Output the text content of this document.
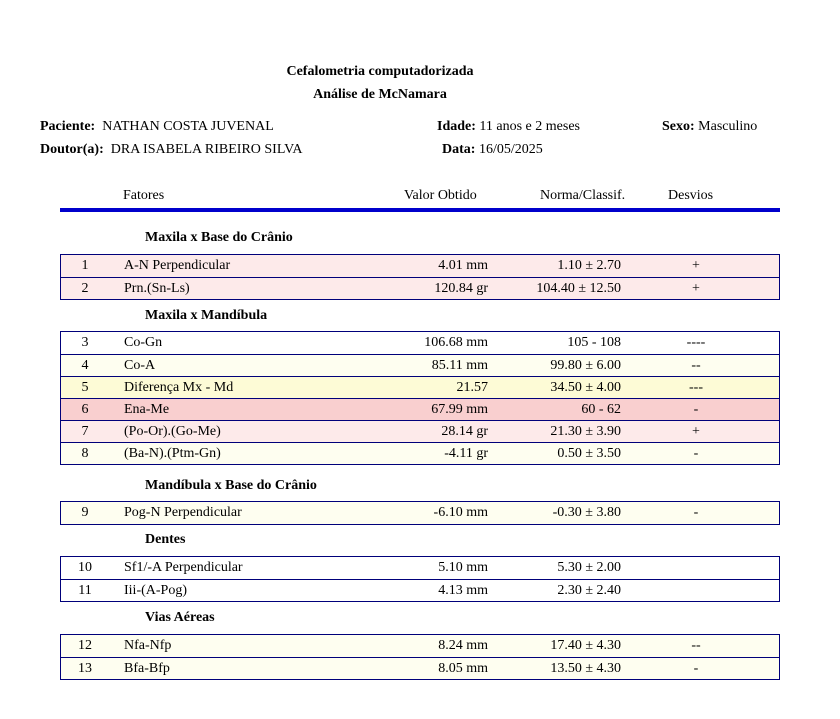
Cefalometria computadorizada
Análise de McNamara
Paciente: NATHAN COSTA JUVENAL	Idade: 11 anos e 2 meses	Sexo: Masculino
Doutor(a): DRA ISABELA RIBEIRO SILVA	Data: 16/05/2025
Fatores	Valor Obtido	Norma/Classif.	Desvios
Maxila x Base do Crânio
1	A-N Perpendicular	4.01 mm	1.10 ± 2.70	+
2	Prn.(Sn-Ls)	120.84 gr	104.40 ± 12.50	+
Maxila x Mandíbula
3	Co-Gn	106.68 mm	105 - 108	----
4	Co-A	85.11 mm	99.80 ± 6.00	--
5	Diferença Mx - Md	21.57	34.50 ± 4.00	---
6	Ena-Me	67.99 mm	60 - 62	-
7	(Po-Or).(Go-Me)	28.14 gr	21.30 ± 3.90	+
8	(Ba-N).(Ptm-Gn)	-4.11 gr	0.50 ± 3.50	-
Mandíbula x Base do Crânio
9	Pog-N Perpendicular	-6.10 mm	-0.30 ± 3.80	-
Dentes
10	Sf1/-A Perpendicular	5.10 mm	5.30 ± 2.00
11	Iii-(A-Pog)	4.13 mm	2.30 ± 2.40
Vias Aéreas
12	Nfa-Nfp	8.24 mm	17.40 ± 4.30	--
13	Bfa-Bfp	8.05 mm	13.50 ± 4.30	-
